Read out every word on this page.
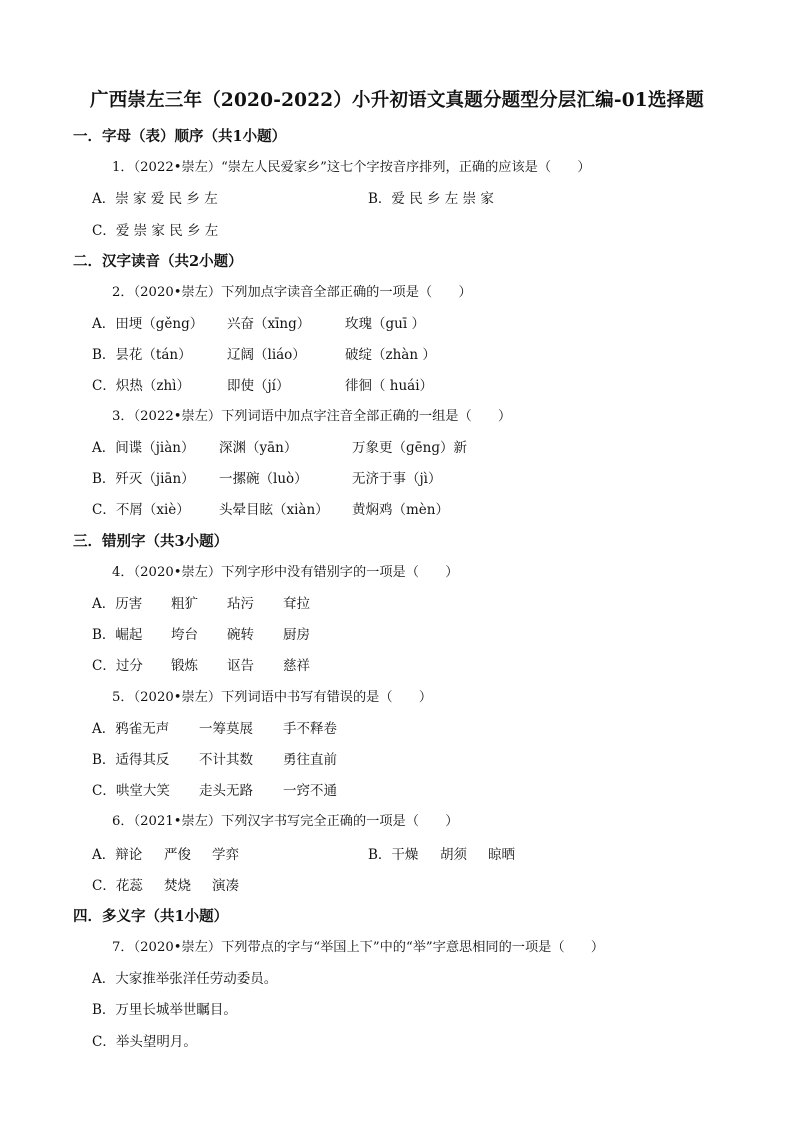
广西崇左三年（2020-2022）小升初语文真题分题型分层汇编-01选择题
一．字母（表）顺序（共1小题）
1．（2022•崇左）“崇左人民爱家乡”这七个字按音序排列，正确的应该是（　　）
A．崇 家 爱 民 乡 左	B．爱 民 乡 左 崇 家
C．爱 崇 家 民 乡 左
二．汉字读音（共2小题）
2．（2020•崇左）下列加点字读音全部正确的一项是（　　）
A．田埂（gěng） 兴奋（xīng）	玫瑰（guī ）
B．昙花（tán）	辽阔（liáo）	破绽（zhàn ）
C．炽热（zhì）	即使（jí）	徘徊（ huái）
3．（2022•崇左）下列词语中加点字注音全部正确的一组是（　　）
A．间谍（jiàn） 深渊（yān）	万象更（ɡēnɡ）新
B．歼灭（jiān） 一摞碗（luò）	无济于事（jì）
C．不屑（xiè） 头晕目眩（xiàn） 黄焖鸡（mèn）
三．错别字（共3小题）
4．（2020•崇左）下列字形中没有错别字的一项是（　　）
A．历害 粗犷 玷污 耷拉
B．崛起 垮台 碗转 厨房
C．过分 锻炼 讴告 慈祥
5．（2020•崇左）下列词语中书写有错误的是（　　）
A．鸦雀无声 一筹莫展 手不释卷
B．适得其反 不计其数 勇往直前
C．哄堂大笑 走头无路 一窍不通
6．（2021•崇左）下列汉字书写完全正确的一项是（　　）
A．辩论 严俊 学弈	B．干燥 胡须 晾晒
C．花蕊 焚烧 演凑
四．多义字（共1小题）
7．（2020•崇左）下列带点的字与“举国上下”中的“举”字意思相同的一项是（　　）
A．大家推举张洋任劳动委员。
B．万里长城举世瞩目。
C．举头望明月。
